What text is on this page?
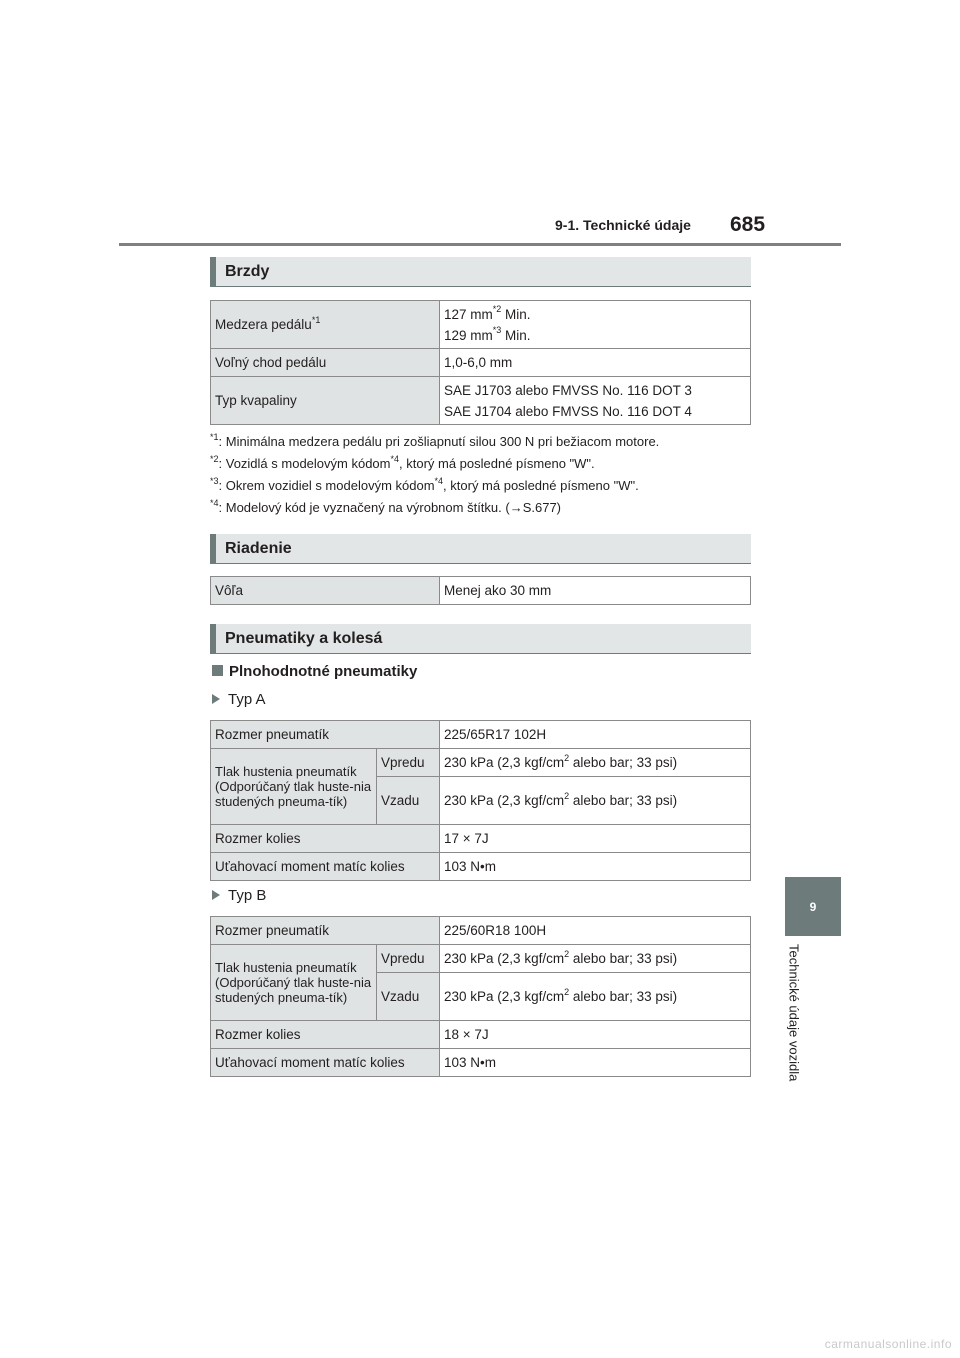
9-1. Technické údaje	685
9
Technické údaje vozidla
Brzdy
Medzera pedálu$^{*1}$	127 $mm^{*2}$ Min.
129 $mm^{*3}$ Min.

Voľný chod pedálu	1,0-6,0 mm
Typ kvapaliny	SAE J1703 alebo FMVSS No. 116 DOT 3
SAE J1704 alebo FMVSS No. 116 DOT 4
$^{*1}$: Minimálna medzera pedálu pri zošliapnutí silou 300 N pri bežiacom motore.
$^{*2}$: Vozidlá s modelovým kódom$^{*4}$, ktorý má posledné písmeno "W".
$^{*3}$: Okrem vozidiel s modelovým kódom$^{*4}$, ktorý má posledné písmeno "W".
$^{*4}$: Modelový kód je vyznačený na výrobnom štítku. (→S.677)
Riadenie
Vôľa	Menej ako 30 mm
Pneumatiky a kolesá
Plnohodnotné pneumatiky
Typ A
Rozmer pneumatík		225/65R17 102H
Tlak hustenia pneumatík (Odporúčaný tlak huste-nia studených pneuma-tík)	Vpredu	230 kPa (2,3 kgf/$cm^2$ alebo bar; 33 psi)
	Vzadu	230 kPa (2,3 kgf/$cm^2$ alebo bar; 33 psi)
Rozmer kolies		17 × 7J
Uťahovací moment matíc kolies		103 N•m
Typ B
Rozmer pneumatík		225/60R18 100H
Tlak hustenia pneumatík (Odporúčaný tlak huste-nia studených pneuma-tík)	Vpredu	230 kPa (2,3 kgf/$cm^2$ alebo bar; 33 psi)
	Vzadu	230 kPa (2,3 kgf/$cm^2$ alebo bar; 33 psi)
Rozmer kolies		18 × 7J
Uťahovací moment matíc kolies		103 N•m
carmanualsonline.info
